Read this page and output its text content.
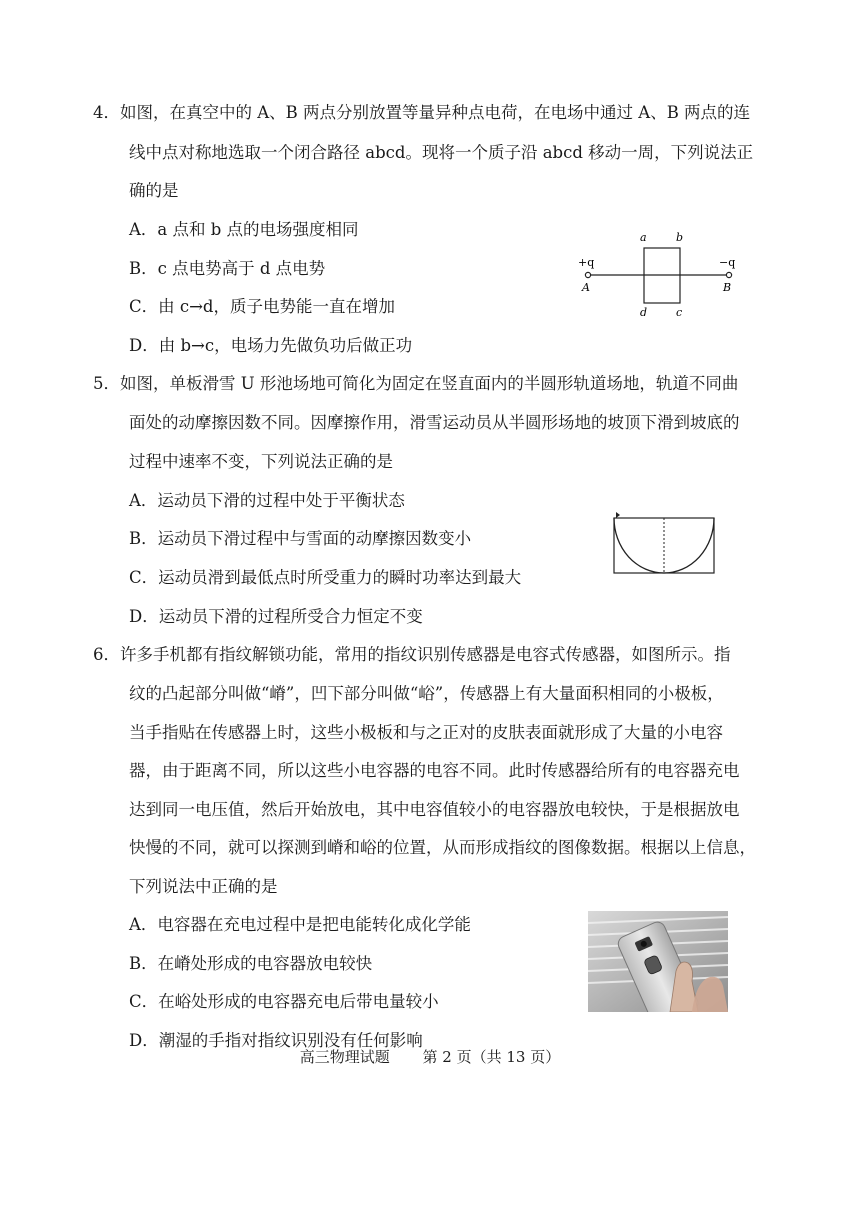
4．如图，在真空中的 A、B 两点分别放置等量异种点电荷，在电场中通过 A、B 两点的连
线中点对称地选取一个闭合路径 abcd。现将一个质子沿 abcd 移动一周，下列说法正
确的是
A．a 点和 b 点的电场强度相同
B．c 点电势高于 d 点电势
C．由 c→d，质子电势能一直在增加
D．由 b→c，电场力先做负功后做正功
+q	−q
A	B
a	b
d	c
5．如图，单板滑雪 U 形池场地可简化为固定在竖直面内的半圆形轨道场地，轨道不同曲
面处的动摩擦因数不同。因摩擦作用，滑雪运动员从半圆形场地的坡顶下滑到坡底的
过程中速率不变，下列说法正确的是
A．运动员下滑的过程中处于平衡状态
B．运动员下滑过程中与雪面的动摩擦因数变小
C．运动员滑到最低点时所受重力的瞬时功率达到最大
D．运动员下滑的过程所受合力恒定不变
6．许多手机都有指纹解锁功能，常用的指纹识别传感器是电容式传感器，如图所示。指
纹的凸起部分叫做“嵴”，凹下部分叫做“峪”，传感器上有大量面积相同的小极板，
当手指贴在传感器上时，这些小极板和与之正对的皮肤表面就形成了大量的小电容
器，由于距离不同，所以这些小电容器的电容不同。此时传感器给所有的电容器充电
达到同一电压值，然后开始放电，其中电容值较小的电容器放电较快，于是根据放电
快慢的不同，就可以探测到嵴和峪的位置，从而形成指纹的图像数据。根据以上信息，
下列说法中正确的是
A．电容器在充电过程中是把电能转化成化学能
B．在嵴处形成的电容器放电较快
C．在峪处形成的电容器充电后带电量较小
D．潮湿的手指对指纹识别没有任何影响
高三物理试题 第 2 页（共 13 页）
